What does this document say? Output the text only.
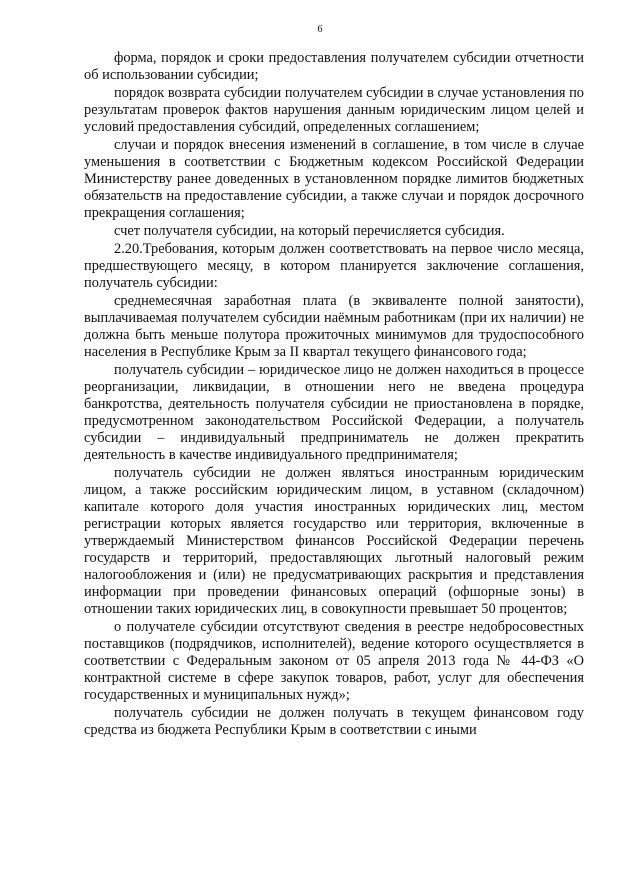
6

форма, порядок и сроки предоставления получателем субсидии отчетности об использовании субсидии;

порядок возврата субсидии получателем субсидии в случае установления по результатам проверок фактов нарушения данным юридическим лицом целей и условий предоставления субсидий, определенных соглашением;

случаи и порядок внесения изменений в соглашение, в том числе в случае уменьшения в соответствии с Бюджетным кодексом Российской Федерации Министерству ранее доведенных в установленном порядке лимитов бюджетных обязательств на предоставление субсидии, а также случаи и порядок досрочного прекращения соглашения;

счет получателя субсидии, на который перечисляется субсидия.

2.20.Требования, которым должен соответствовать на первое число месяца, предшествующего месяцу, в котором планируется заключение соглашения, получатель субсидии:

среднемесячная заработная плата (в эквиваленте полной занятости), выплачиваемая получателем субсидии наёмным работникам (при их наличии) не должна быть меньше полутора прожиточных минимумов для трудоспособного населения в Республике Крым за II квартал текущего финансового года;

получатель субсидии – юридическое лицо не должен находиться в процессе реорганизации, ликвидации, в отношении него не введена процедура банкротства, деятельность получателя субсидии не приостановлена в порядке, предусмотренном законодательством Российской Федерации, а получатель субсидии – индивидуальный предприниматель не должен прекратить деятельность в качестве индивидуального предпринимателя;

получатель субсидии не должен являться иностранным юридическим лицом, а также российским юридическим лицом, в уставном (складочном) капитале которого доля участия иностранных юридических лиц, местом регистрации которых является государство или территория, включенные в утверждаемый Министерством финансов Российской Федерации перечень государств и территорий, предоставляющих льготный налоговый режим налогообложения и (или) не предусматривающих раскрытия и представления информации при проведении финансовых операций (офшорные зоны) в отношении таких юридических лиц, в совокупности превышает 50 процентов;

о получателе субсидии отсутствуют сведения в реестре недобросовестных поставщиков (подрядчиков, исполнителей), ведение которого осуществляется в соответствии с Федеральным законом от 05 апреля 2013 года № 44-ФЗ «О контрактной системе в сфере закупок товаров, работ, услуг для обеспечения государственных и муниципальных нужд»;

получатель субсидии не должен получать в текущем финансовом году средства из бюджета Республики Крым в соответствии с иными
